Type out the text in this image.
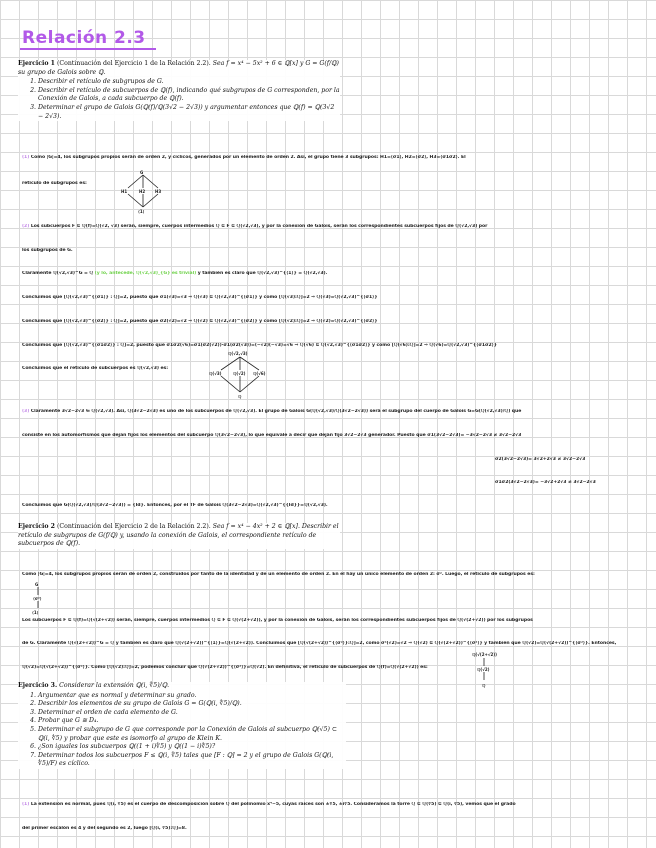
Relación 2.3
Ejercicio 1 (Continuación del Ejercicio 1 de la Relación 2.2). Sea f = x⁴ − 5x² + 6 ∈ ℚ[x] y G = G(f/ℚ) su grupo de Galois sobre ℚ.
1. Describir el retículo de subgrupos de G.
2. Describir el retículo de subcuerpos de ℚ(f), indicando qué subgrupos de G corresponden, por la Conexión de Galois, a cada subcuerpo de ℚ(f).
3. Determinar el grupo de Galois G(ℚ(f)/ℚ(3√2 − 2√3)) y argumentar entonces que ℚ(f) = ℚ(3√2 − 2√3).
(1) Como |G|=4, los subgrupos propios serán de orden 2, y cíclicos, generados por un elemento de orden 2. Así, el grupo tiene 3 subgrupos: H1=⟨σ1⟩, H2=⟨σ2⟩, H3=⟨σ1σ2⟩. El
retículo de subgrupos es:
G
H1	H2 H3
⟨1⟩
(2) Los subcuerpos F ⊆ ℚ(f)=ℚ(√2, √3) serán, siempre, cuerpos intermedios ℚ ⊆ F ⊆ ℚ(√2,√3), y por la conexión de Galois, serán los correspondientes subcuerpos fijos de ℚ(√2,√3) por
los subgrupos de G.
Claramente ℚ(√2,√3)^G = ℚ (y lo, antecede, ℚ(√2,√3)_{G} es trivial) y también es claro que ℚ(√2,√3)^{⟨1⟩} = ℚ(√2,√3).
Concluimos que [ℚ(√2,√3)^{⟨σ1⟩} : ℚ]=2, puesto que σ1(√3)=√3 ⇒ ℚ(√3) ⊆ ℚ(√2,√3)^{⟨σ1⟩} y como [ℚ(√3):ℚ]=2 ⇒ ℚ(√3)=ℚ(√2,√3)^{⟨σ1⟩}
Concluimos que [ℚ(√2,√3)^{⟨σ2⟩} : ℚ]=2, puesto que σ2(√2)=√2 ⇒ ℚ(√2) ⊆ ℚ(√2,√3)^{⟨σ2⟩} y como [ℚ(√2):ℚ]=2 ⇒ ℚ(√2)=ℚ(√2,√3)^{⟨σ2⟩}
Concluimos que [ℚ(√2,√3)^{⟨σ1σ2⟩} : ℚ]=2, puesto que σ1σ2(√6)=σ1(σ2(√2))·σ1(σ2(√3))=(−√2)(−√3)=√6 ⇒ ℚ(√6) ⊆ ℚ(√2,√3)^{⟨σ1σ2⟩} y como [ℚ(√6):ℚ]=2 ⇒ ℚ(√6)=ℚ(√2,√3)^{⟨σ1σ2⟩}
Concluimos que el retículo de subcuerpos es ℚ(√2,√3) es:
ℚ(√2,√3)
ℚ(√3)	ℚ(√2) ℚ(√6)
ℚ
(3) Claramente 3√2−2√3 ∈ ℚ(√2,√3). Así, ℚ(3√2−2√3) es uno de los subcuerpos de ℚ(√2,√3). El grupo de Galois G(ℚ(√2,√3)/ℚ(3√2−2√3)) será el subgrupo del cuerpo de Galois G=G(ℚ(√2,√3)/ℚ) que
consiste en los automorfismos que dejan fijos los elementos del subcuerpo ℚ(3√2−2√3), lo que equivale a decir que dejan fijo 3√2−2√3 generador. Puesto que σ1(3√2−2√3)= −3√2−2√3 ≠ 3√2−2√3
σ2(3√2−2√3)= 3√2+2√3 ≠ 3√2−2√3
σ1σ2(3√2−2√3)= −3√2+2√3 ≠ 3√2−2√3
Concluimos que G(ℚ(√2,√3)/ℚ(3√2−2√3)) = {Id}. Entonces, por el TF de Galois ℚ(3√2−2√3)=ℚ(√2,√3)^{{Id}}=ℚ(√2,√3).
Ejercicio 2 (Continuación del Ejercicio 2 de la Relación 2.2). Sea f = x⁴ − 4x² + 2 ∈ ℚ[x]. Describir el retículo de subgrupos de G(f/ℚ) y, usando la conexión de Galois, el correspondiente retículo de subcuerpos de ℚ(f).
Como |G|=4, los subgrupos propios serán de orden 2, construidos por tanto de la identidad y de un elemento de orden 2. En el hay un único elemento de orden 2: σ². Luego, el retículo de subgrupos es:
G
⟨σ²⟩
⟨1⟩
Los subcuerpos F ⊆ ℚ(f)=ℚ(√(2+√2)) serán, siempre, cuerpos intermedios ℚ ⊆ F ⊆ ℚ(√(2+√2)), y por la conexión de Galois, serán los correspondientes subcuerpos fijos de ℚ(√(2+√2)) por los subgrupos
de G. Claramente ℚ(√(2+√2))^G = ℚ y también es claro que ℚ(√(2+√2))^{⟨1⟩}=ℚ(√(2+√2)). Concluimos que [ℚ(√(2+√2))^{⟨σ²⟩}:ℚ]=2, como σ²(√2)=√2 ⇒ ℚ(√2) ⊆ ℚ(√(2+√2))^{⟨σ²⟩} y también que ℚ(√2)=ℚ(√(2+√2))^{⟨σ²⟩}. Entonces,
ℚ(√2)=ℚ(√(2+√2))^{⟨σ²⟩}. Como [ℚ(√2):ℚ]=2, podemos concluir que ℚ(√(2+√2))^{⟨σ²⟩}=ℚ(√2). En definitiva, el retículo de subcuerpos de ℚ(f)=ℚ(√(2+√2)) es:
ℚ(√(2+√2))
ℚ(√2)
ℚ
Ejercicio 3. Considerar la extensión ℚ(i, ∜5)/ℚ.
1. Argumentar que es normal y determinar su grado.
2. Describir los elementos de su grupo de Galois G = G(ℚ(i, ∜5)/ℚ).
3. Determinar el orden de cada elemento de G.
4. Probar que G ≅ D₄.
5. Determinar el subgrupo de G que corresponde por la Conexión de Galois al subcuerpo ℚ(√5) ⊂ ℚ(i, ∜5) y probar que este es isomorfo al grupo de Klein K.
6. ¿Son iguales los subcuerpos ℚ((1 + i)∜5) y ℚ((1 − i)∜5)?
7. Determinar todos los subcuerpos F ≤ ℚ(i, ∜5) tales que [F : ℚ] = 2 y el grupo de Galois G(ℚ(i, ∜5)/F) es cíclico.
(1) La extensión es normal, pues ℚ(i, ∜5) es el cuerpo de descomposición sobre ℚ del polinomio x⁴−5, cuyas raíces son ±∜5, ±i∜5. Consideramos la torre ℚ ⊆ ℚ(∜5) ⊆ ℚ(i, ∜5), vemos que el grado
del primer escalón es 4 y del segundo es 2, luego [ℚ(i, ∜5):ℚ]=8.
